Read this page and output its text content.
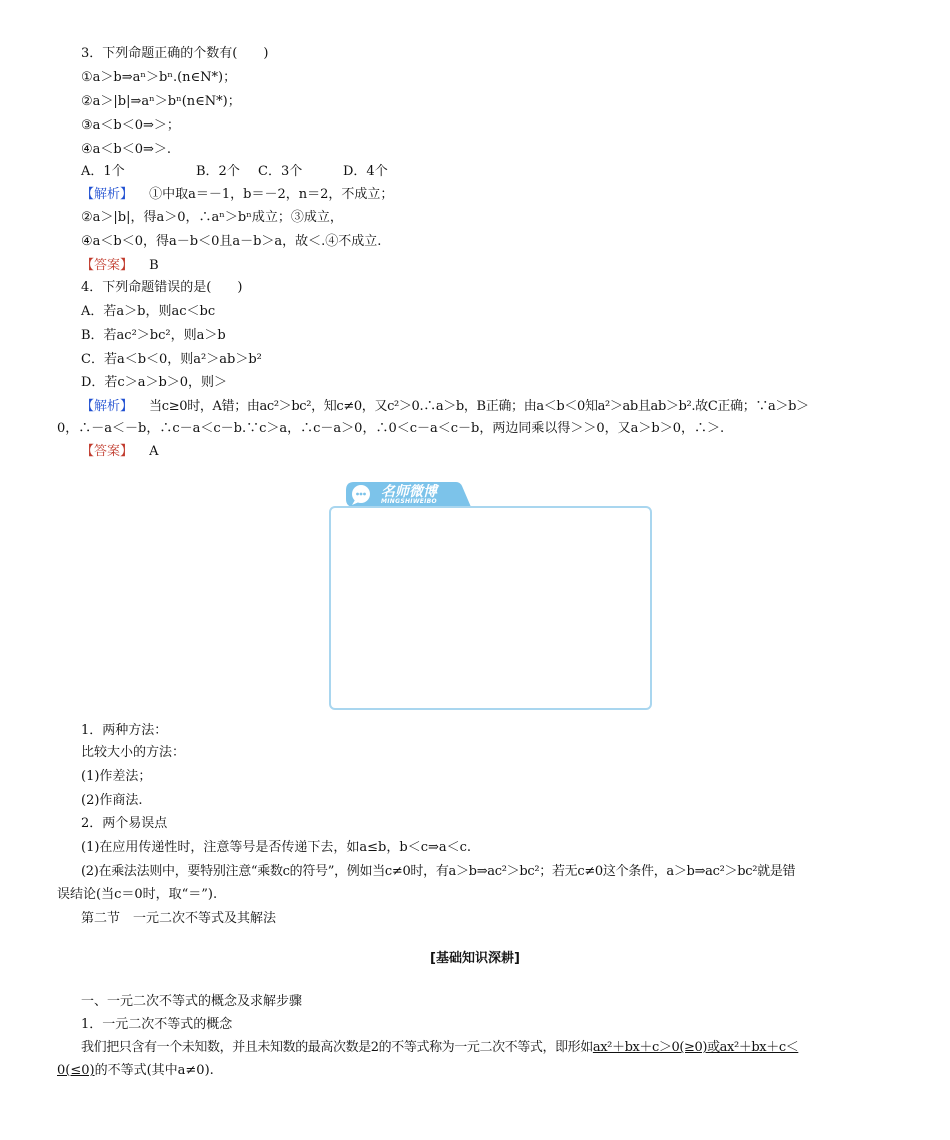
3．下列命题正确的个数有(　　)
①a＞b⇒aⁿ＞bⁿ.(n∈N*)；
②a＞|b|⇒aⁿ＞bⁿ(n∈N*)；
③a＜b＜0⇒＞；
④a＜b＜0⇒＞.
A．1个	B．2个 C．3个	D．4个
【解析】 ①中取a＝－1，b＝－2，n＝2，不成立；
②a＞|b|，得a＞0，∴aⁿ＞bⁿ成立；③成立，
④a＜b＜0，得a－b＜0且a－b＞a，故＜.④不成立.
【答案】 B
4．下列命题错误的是(　　)
A．若a＞b，则ac＜bc
B．若ac²＞bc²，则a＞b
C．若a＜b＜0，则a²＞ab＞b²
D．若c＞a＞b＞0，则＞
【解析】 当c≥0时，A错；由ac²＞bc²，知c≠0，又c²＞0.∴a＞b，B正确；由a＜b＜0知a²＞ab且ab＞b².故C正确；∵a＞b＞
0，∴－a＜－b，∴c－a＜c－b.∵c＞a，∴c－a＞0，∴0＜c－a＜c－b，两边同乘以得＞＞0，又a＞b＞0，∴＞.
【答案】 A
名师微博
MINGSHIWEIBO
1．两种方法：
比较大小的方法：
(1)作差法；
(2)作商法.
2．两个易误点
(1)在应用传递性时，注意等号是否传递下去，如a≤b，b＜c⇒a＜c.
(2)在乘法法则中，要特别注意“乘数c的符号”，例如当c≠0时，有a＞b⇒ac²＞bc²；若无c≠0这个条件，a＞b⇒ac²＞bc²就是错
误结论(当c＝0时，取“＝”).
第二节　一元二次不等式及其解法
[基础知识深耕]
一、一元二次不等式的概念及求解步骤
1．一元二次不等式的概念
我们把只含有一个未知数，并且未知数的最高次数是2的不等式称为一元二次不等式，即形如ax²＋bx＋c＞0(≥0)或ax²＋bx＋c＜
0(≤0)的不等式(其中a≠0).
